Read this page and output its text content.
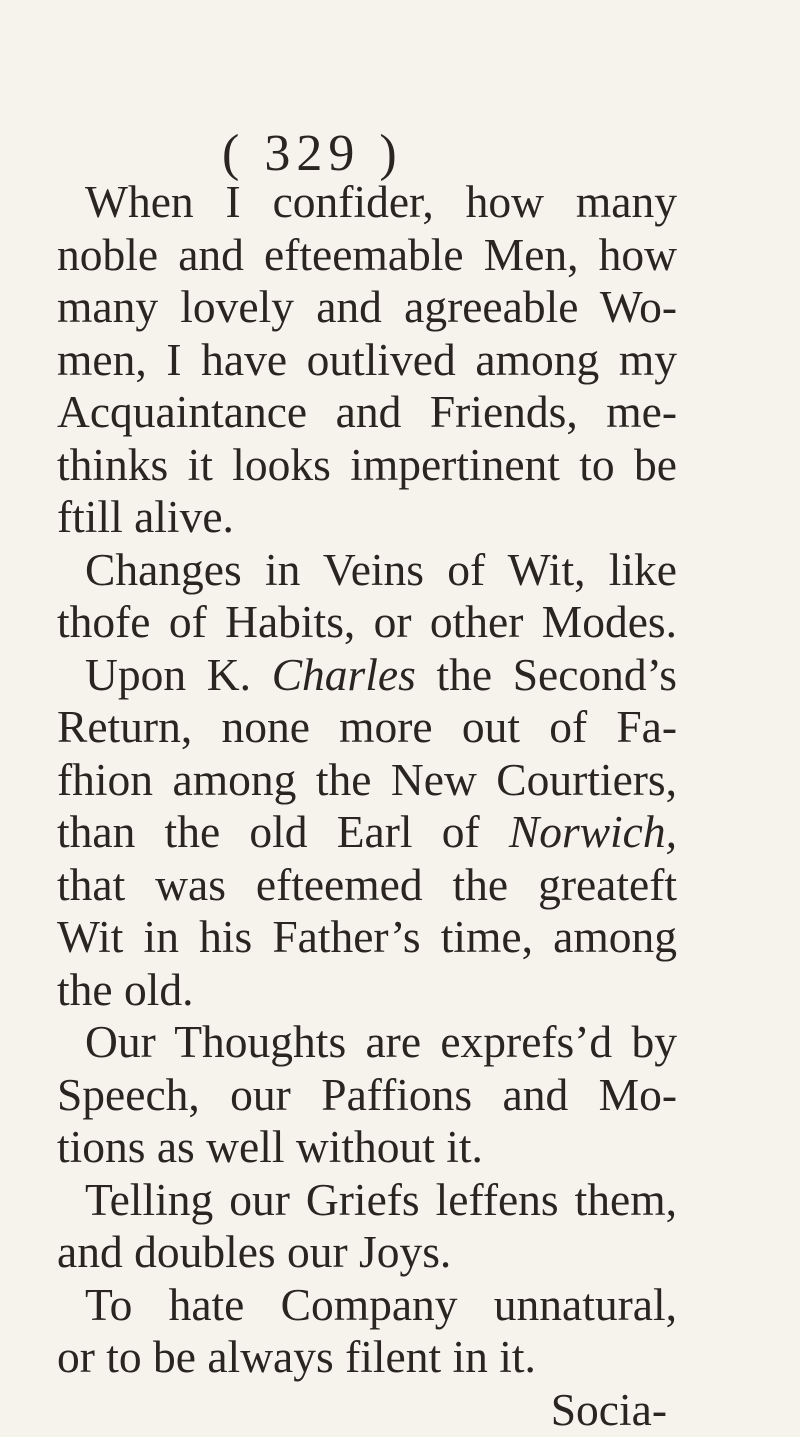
( 329 )
When I confider, how many
noble and efteemable Men, how
many lovely and agreeable Wo-
men, I have outlived among my
Acquaintance and Friends, me-
thinks it looks impertinent to be
ftill alive.
Changes in Veins of Wit, like
thofe of Habits, or other Modes.
Upon K. Charles the Second’s
Return, none more out of Fa-
fhion among the New Courtiers,
than the old Earl of Norwich,
that was efteemed the greateft
Wit in his Father’s time, among
the old.
Our Thoughts are exprefs’d by
Speech, our Paffions and Mo-
tions as well without it.
Telling our Griefs leffens them,
and doubles our Joys.
To hate Company unnatural,
or to be always filent in it.
Socia-
